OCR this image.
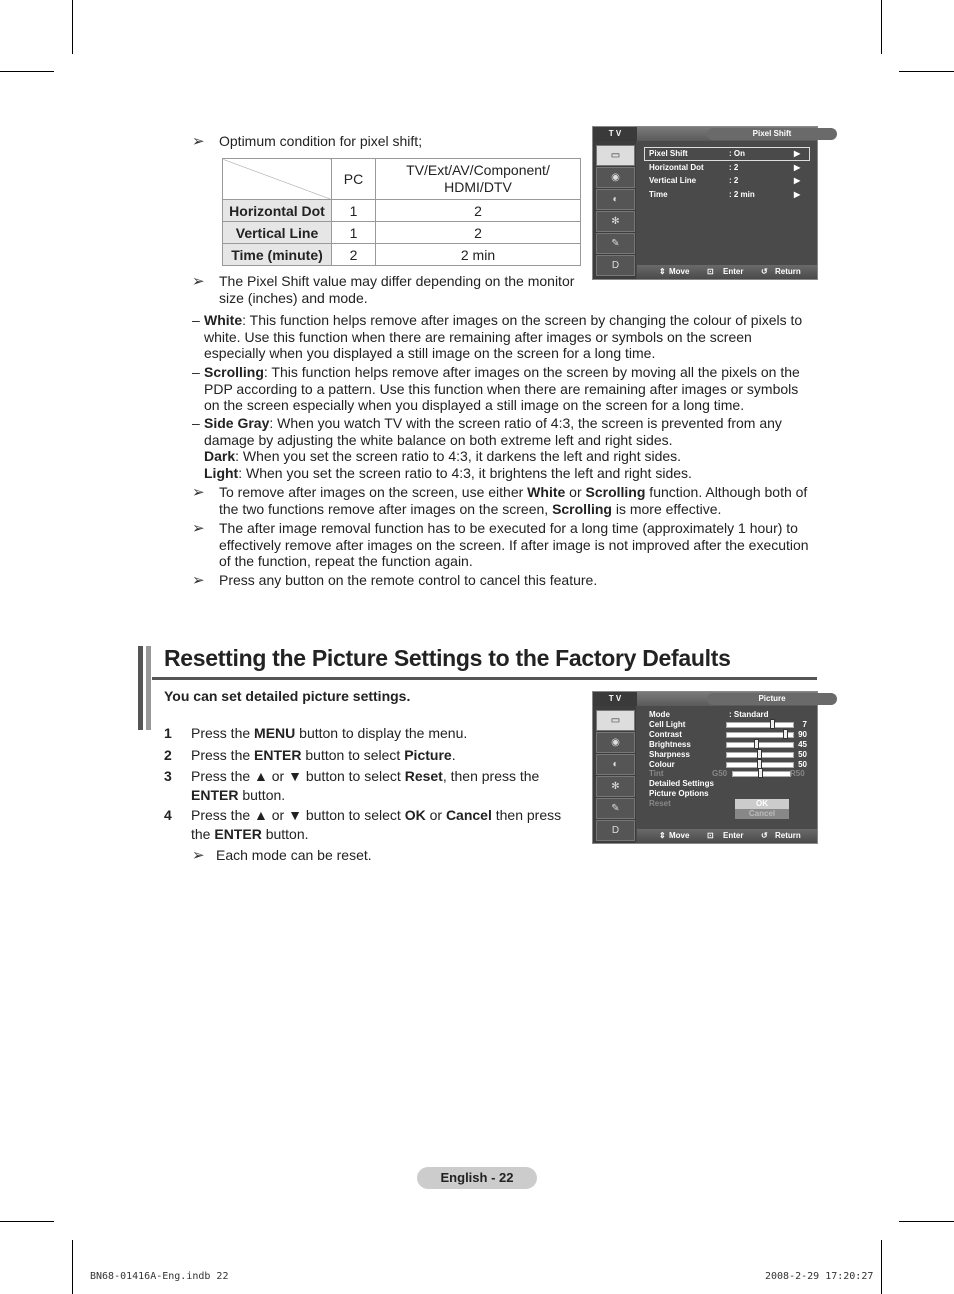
➢ Optimum condition for pixel shift;
	PC	TV/Ext/AV/Component/ HDMI/DTV
Horizontal Dot	1	2
Vertical Line	1	2
Time (minute)	2	2 min
➢ The Pixel Shift value may differ depending on the monitor size (inches) and mode.
T V	Pixel Shift
▭
◉
◐
✻
✎
D
Pixel Shift	: On	▶
Horizontal Dot	: 2	▶
Vertical Line	: 2	▶
Time	: 2 min	▶
⇕ Move ⊡ Enter ↺ Return
– White: This function helps remove after images on the screen by changing the colour of pixels to white. Use this function when there are remaining after images or symbols on the screen especially when you displayed a still image on the screen for a long time.
– Scrolling: This function helps remove after images on the screen by moving all the pixels on the PDP according to a pattern. Use this function when there are remaining after images or symbols on the screen especially when you displayed a still image on the screen for a long time.
– Side Gray: When you watch TV with the screen ratio of 4:3, the screen is prevented from any damage by adjusting the white balance on both extreme left and right sides.
Dark: When you set the screen ratio to 4:3, it darkens the left and right sides.
Light: When you set the screen ratio to 4:3, it brightens the left and right sides.
➢ To remove after images on the screen, use either White or Scrolling function. Although both of the two functions remove after images on the screen, Scrolling is more effective.
➢ The after image removal function has to be executed for a long time (approximately 1 hour) to effectively remove after images on the screen. If after image is not improved after the execution of the function, repeat the function again.
➢ Press any button on the remote control to cancel this feature.
Resetting the Picture Settings to the Factory Defaults
You can set detailed picture settings.
1 Press the MENU button to display the menu.
2 Press the ENTER button to select Picture.
3 Press the ▲ or ▼ button to select Reset, then press the ENTER button.
4 Press the ▲ or ▼ button to select OK or Cancel then press the ENTER button.
➢ Each mode can be reset.
T V	Picture
▭
◉
◐
✻
✎
D
Mode	: Standard
Cell Light	7
Contrast	90
Brightness	45
Sharpness	50
Colour	50
Tint	G50	R50
Detailed Settings
Picture Options
Reset	OK
Cancel
⇕ Move ⊡ Enter ↺ Return
English - 22
BN68-01416A-Eng.indb 22	2008-2-29 17:20:27
